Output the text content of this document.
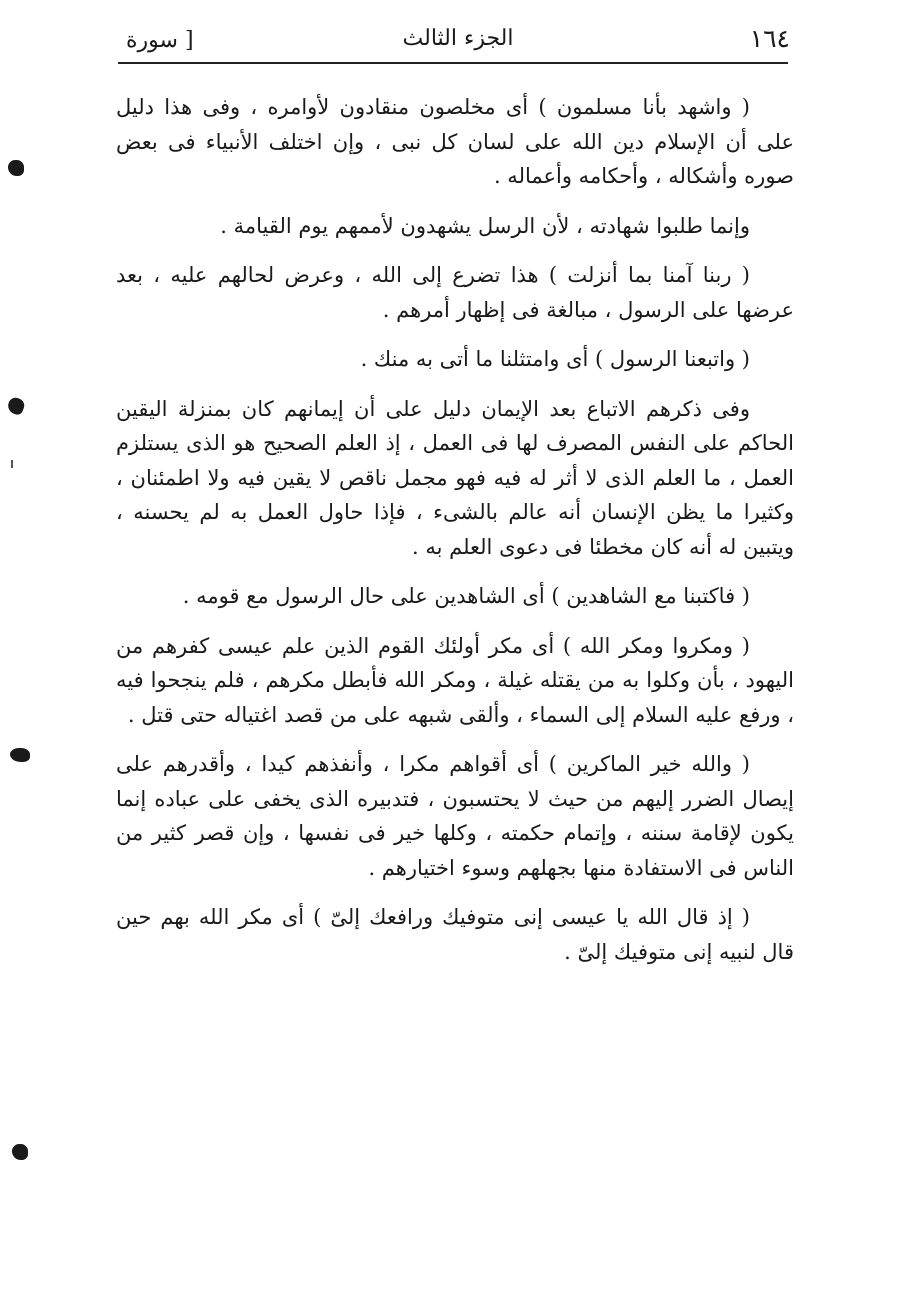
١٦٤
الجزء الثالث
[ سورة

( واشهد بأنا مسلمون ) أى مخلصون منقادون لأوامره ، وفى هذا دليل على أن الإسلام دين الله على لسان كل نبى ، وإن اختلف الأنبياء فى بعض صوره وأشكاله ، وأحكامه وأعماله .

وإنما طلبوا شهادته ، لأن الرسل يشهدون لأممهم يوم القيامة .

( ربنا آمنا بما أنزلت ) هذا تضرع إلى الله ، وعرض لحالهم عليه ، بعد عرضها على الرسول ، مبالغة فى إظهار أمرهم .

( واتبعنا الرسول ) أى وامتثلنا ما أتى به منك .

وفى ذكرهم الاتباع بعد الإيمان دليل على أن إيمانهم كان بمنزلة اليقين الحاكم على النفس المصرف لها فى العمل ، إذ العلم الصحيح هو الذى يستلزم العمل ، ما العلم الذى لا أثر له فيه فهو مجمل ناقص لا يقين فيه ولا اطمئنان ، وكثيرا ما يظن الإنسان أنه عالم بالشىء ، فإذا حاول العمل به لم يحسنه ، ويتبين له أنه كان مخطئا فى دعوى العلم به .

( فاكتبنا مع الشاهدين ) أى الشاهدين على حال الرسول مع قومه .

( ومكروا ومكر الله ) أى مكر أولئك القوم الذين علم عيسى كفرهم من اليهود ، بأن وكلوا به من يقتله غيلة ، ومكر الله فأبطل مكرهم ، فلم ينجحوا فيه ، ورفع عليه السلام إلى السماء ، وألقى شبهه على من قصد اغتياله حتى قتل .

( والله خير الماكرين ) أى أقواهم مكرا ، وأنفذهم كيدا ، وأقدرهم على إيصال الضرر إليهم من حيث لا يحتسبون ، فتدبيره الذى يخفى على عباده إنما يكون لإقامة سننه ، وإتمام حكمته ، وكلها خير فى نفسها ، وإن قصر كثير من الناس فى الاستفادة منها بجهلهم وسوء اختيارهم .

( إذ قال الله يا عيسى إنى متوفيك ورافعك إلىّ ) أى مكر الله بهم حين قال لنبيه إنى متوفيك إلىّ .
